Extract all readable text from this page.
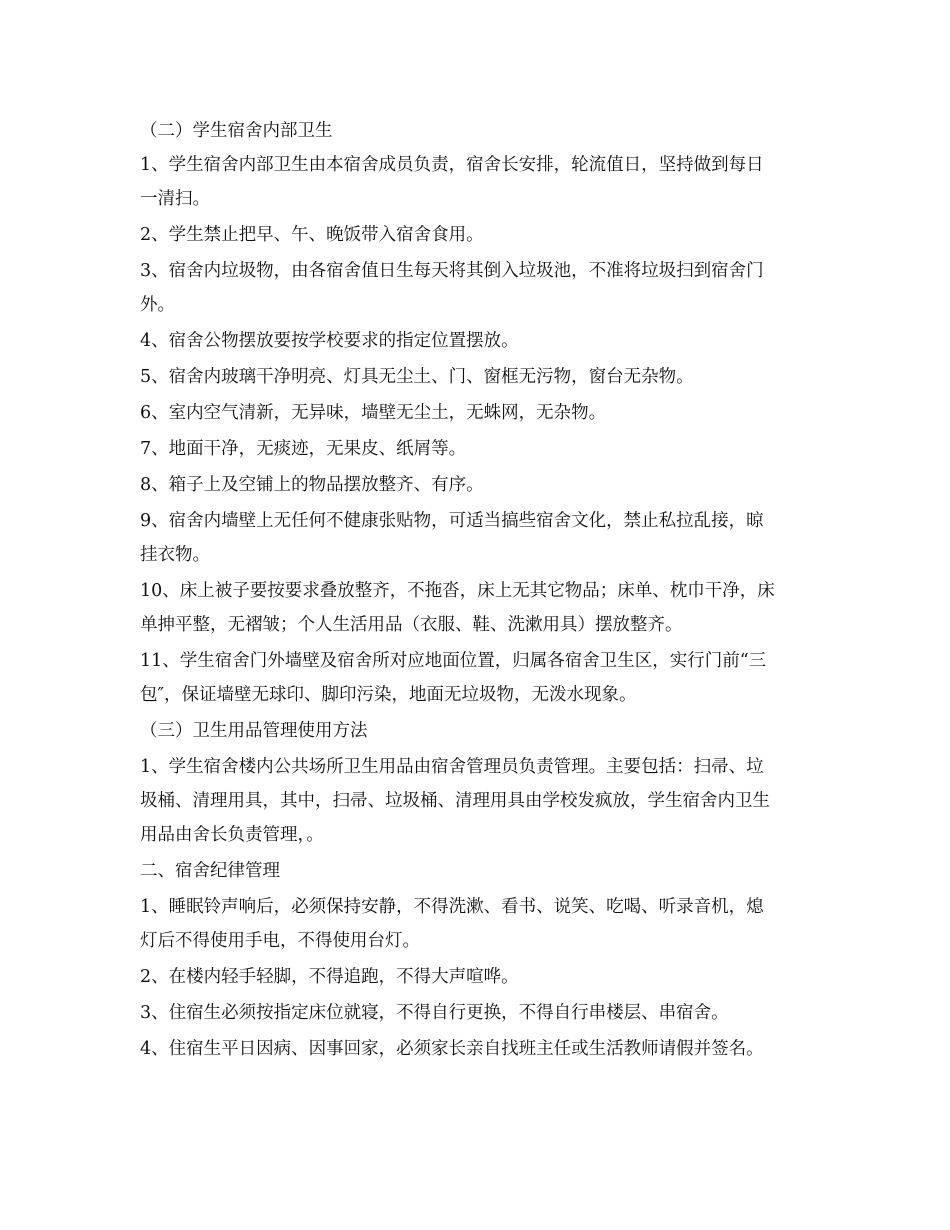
（二）学生宿舍内部卫生
1、学生宿舍内部卫生由本宿舍成员负责，宿舍长安排，轮流值日，坚持做到每日
一清扫。
2、学生禁止把早、午、晚饭带入宿舍食用。
3、宿舍内垃圾物，由各宿舍值日生每天将其倒入垃圾池，不准将垃圾扫到宿舍门
外。
4、宿舍公物摆放要按学校要求的指定位置摆放。
5、宿舍内玻璃干净明亮、灯具无尘土、门、窗框无污物，窗台无杂物。
6、室内空气清新，无异味，墙壁无尘土，无蛛网，无杂物。
7、地面干净，无痰迹，无果皮、纸屑等。
8、箱子上及空铺上的物品摆放整齐、有序。
9、宿舍内墙壁上无任何不健康张贴物，可适当搞些宿舍文化，禁止私拉乱接，晾
挂衣物。
10、床上被子要按要求叠放整齐，不拖沓，床上无其它物品；床单、枕巾干净，床
单抻平整，无褶皱；个人生活用品（衣服、鞋、洗漱用具）摆放整齐。
11、学生宿舍门外墙壁及宿舍所对应地面位置，归属各宿舍卫生区，实行门前“三
包″，保证墙壁无球印、脚印污染，地面无垃圾物，无泼水现象。
（三）卫生用品管理使用方法
1、学生宿舍楼内公共场所卫生用品由宿舍管理员负责管理。主要包括：扫帚、垃
圾桶、清理用具，其中，扫帚、垃圾桶、清理用具由学校发疯放，学生宿舍内卫生
用品由舍长负责管理，。
二、宿舍纪律管理
1、睡眠铃声响后，必须保持安静，不得洗漱、看书、说笑、吃喝、听录音机，熄
灯后不得使用手电，不得使用台灯。
2、在楼内轻手轻脚，不得追跑，不得大声喧哗。
3、住宿生必须按指定床位就寝，不得自行更换，不得自行串楼层、串宿舍。
4、住宿生平日因病、因事回家，必须家长亲自找班主任或生活教师请假并签名。
